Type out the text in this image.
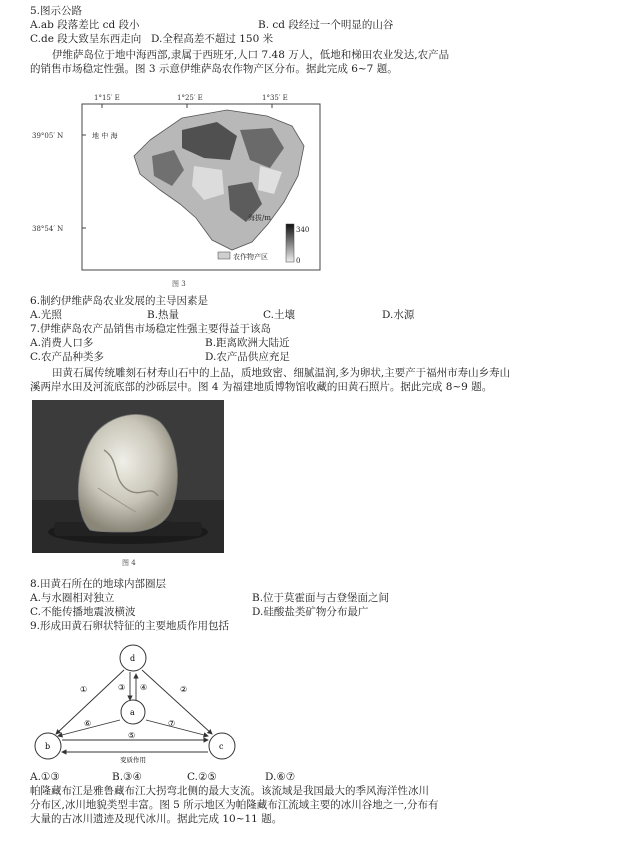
5.图示公路
A.ab 段落差比 cd 段小	B. cd 段经过一个明显的山谷
C.de 段大致呈东西走向 D.全程高差不超过 150 米
伊维萨岛位于地中海西部,隶属于西班牙,人口 7.48 万人，低地和梯田农业发达,农产品
的销售市场稳定性强。图 3 示意伊维萨岛农作物产区分布。据此完成 6~7 题。
1°15′ E	1°25′ E	1°35′ E
39°05′ N
38°54′ N
地 中 海
海拔/m
340
0
农作物产区
图 3
6.制约伊维萨岛农业发展的主导因素是
A.光照	B.热量	C.土壤	D.水源
7.伊维萨岛农产品销售市场稳定性强主要得益于该岛
A.消费人口多	B.距离欧洲大陆近
C.农产品种类多	D.农产品供应充足
田黄石属传统雕刻石材寿山石中的上品，质地致密、细腻温润,多为卵状,主要产于福州市寿山乡寿山
溪两岸水田及河流底部的沙砾层中。图 4 为福建地质博物馆收藏的田黄石照片。据此完成 8~9 题。
图 4
8.田黄石所在的地球内部圈层
A.与水圈相对独立	B.位于莫霍面与古登堡面之间
C.不能传播地震波横波	D.硅酸盐类矿物分布最广
9.形成田黄石卵状特征的主要地质作用包括
d
a
b	c
①	②
③ ④
⑤
⑥	⑦
变质作用
A.①③	B.③④	C.②⑤	D.⑥⑦
帕隆藏布江是雅鲁藏布江大拐弯北侧的最大支流。该流域是我国最大的季风海洋性冰川
分布区,冰川地貌类型丰富。图 5 所示地区为帕隆藏布江流域主要的冰川谷地之一,分布有
大量的古冰川遗迹及现代冰川。据此完成 10~11 题。
